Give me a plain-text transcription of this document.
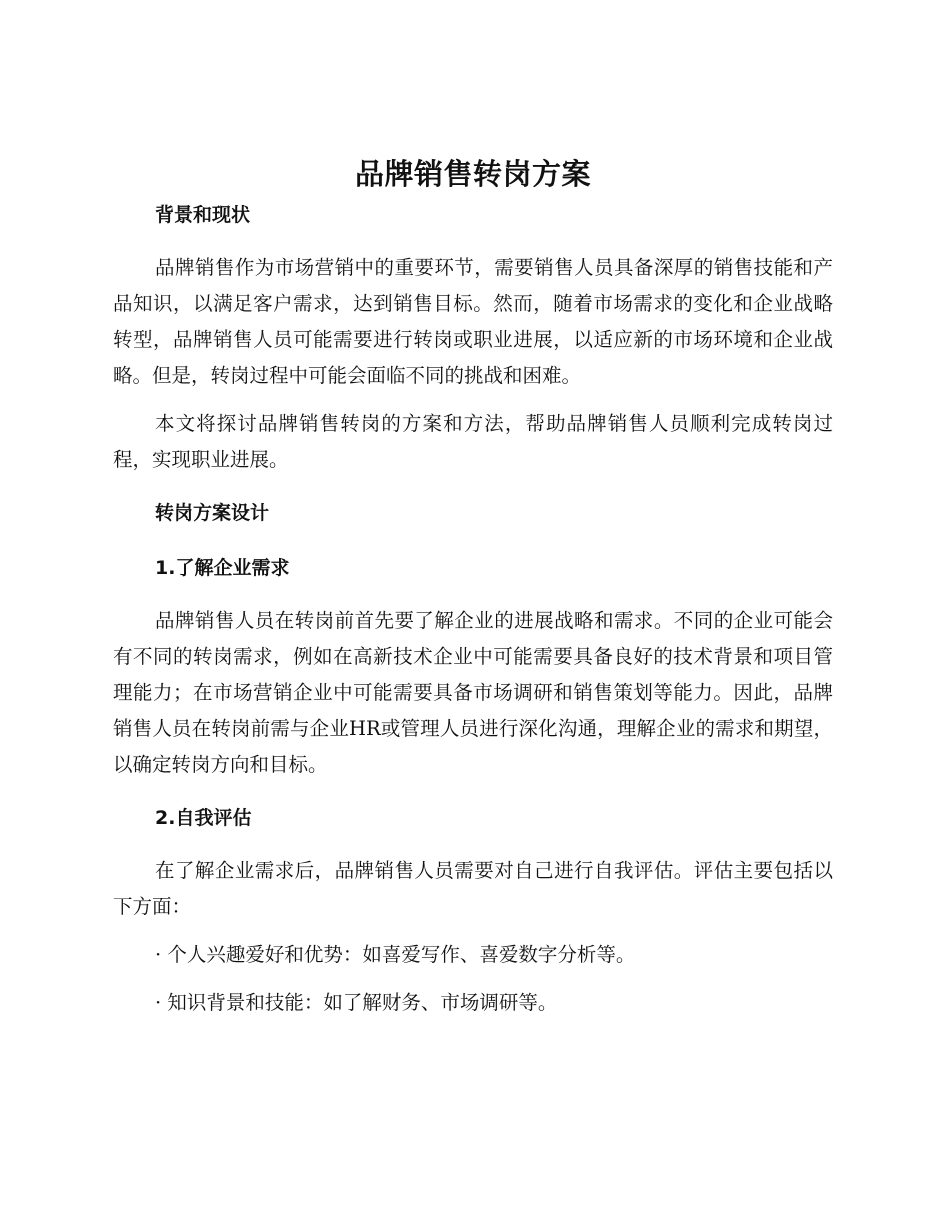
品牌销售转岗方案
背景和现状

品牌销售作为市场营销中的重要环节，需要销售人员具备深厚的销售技能和产品知识，以满足客户需求，达到销售目标。然而，随着市场需求的变化和企业战略转型，品牌销售人员可能需要进行转岗或职业进展，以适应新的市场环境和企业战略。但是，转岗过程中可能会面临不同的挑战和困难。

本文将探讨品牌销售转岗的方案和方法，帮助品牌销售人员顺利完成转岗过程，实现职业进展。

转岗方案设计
1.了解企业需求

品牌销售人员在转岗前首先要了解企业的进展战略和需求。不同的企业可能会有不同的转岗需求，例如在高新技术企业中可能需要具备良好的技术背景和项目管理能力；在市场营销企业中可能需要具备市场调研和销售策划等能力。因此，品牌销售人员在转岗前需与企业HR或管理人员进行深化沟通，理解企业的需求和期望，以确定转岗方向和目标。

2.自我评估

在了解企业需求后，品牌销售人员需要对自己进行自我评估。评估主要包括以下方面：

· 个人兴趣爱好和优势：如喜爱写作、喜爱数字分析等。

· 知识背景和技能：如了解财务、市场调研等。
